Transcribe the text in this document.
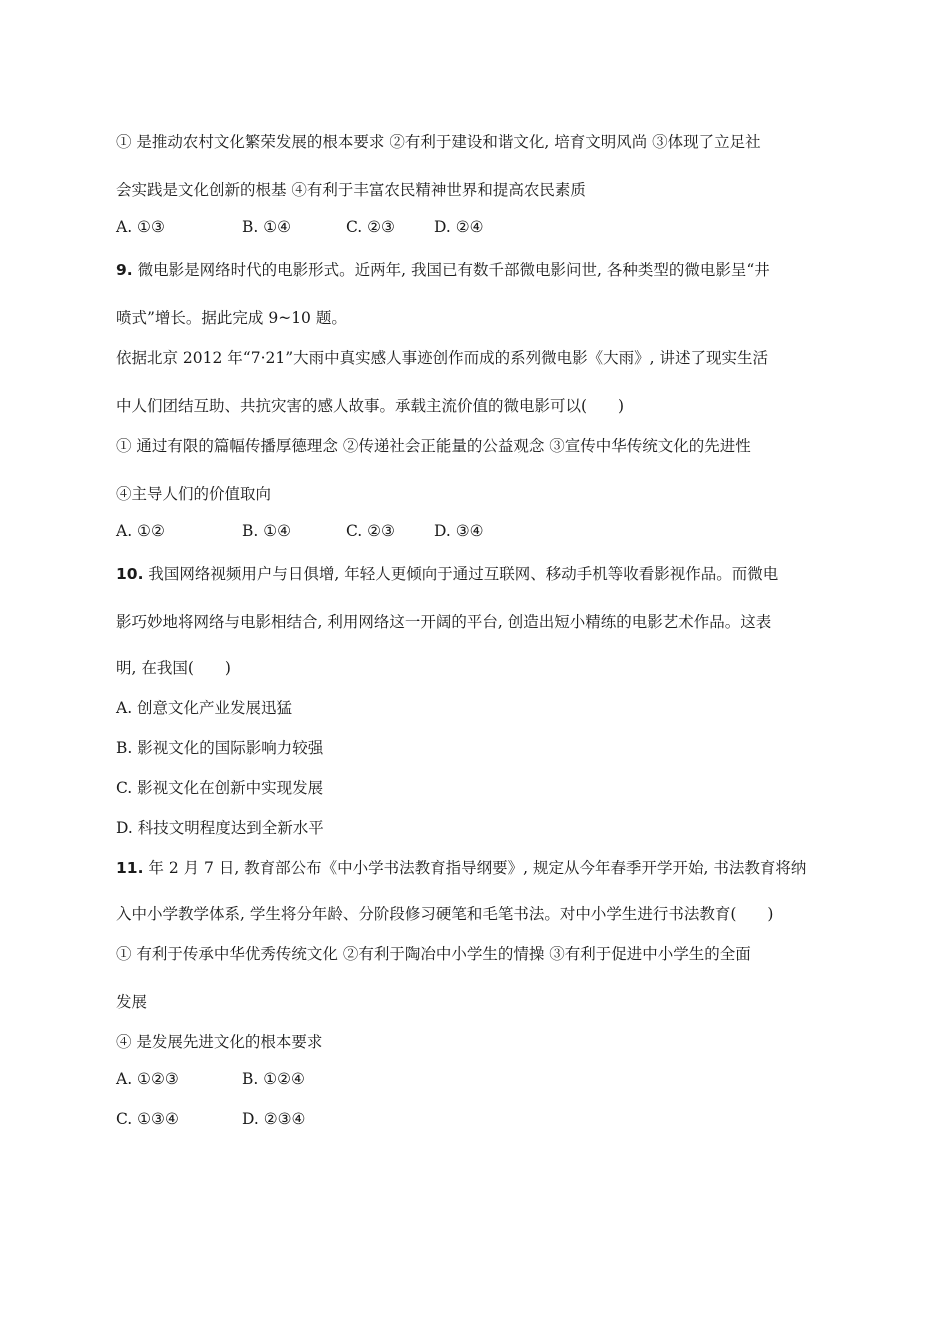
① 是推动农村文化繁荣发展的根本要求 ②有利于建设和谐文化, 培育文明风尚 ③体现了立足社
会实践是文化创新的根基 ④有利于丰富农民精神世界和提高农民素质
A. ①③	B. ①④	C. ②③	D. ②④
9. 微电影是网络时代的电影形式。近两年, 我国已有数千部微电影问世, 各种类型的微电影呈“井
喷式”增长。据此完成 9~10 题。
依据北京 2012 年“7·21”大雨中真实感人事迹创作而成的系列微电影《大雨》, 讲述了现实生活
中人们团结互助、共抗灾害的感人故事。承载主流价值的微电影可以(　　)
① 通过有限的篇幅传播厚德理念 ②传递社会正能量的公益观念 ③宣传中华传统文化的先进性
④主导人们的价值取向
A. ①②	B. ①④	C. ②③	D. ③④
10. 我国网络视频用户与日俱增, 年轻人更倾向于通过互联网、移动手机等收看影视作品。而微电
影巧妙地将网络与电影相结合, 利用网络这一开阔的平台, 创造出短小精练的电影艺术作品。这表
明, 在我国(　　)
A. 创意文化产业发展迅猛
B. 影视文化的国际影响力较强
C. 影视文化在创新中实现发展
D. 科技文明程度达到全新水平
11. 年 2 月 7 日, 教育部公布《中小学书法教育指导纲要》, 规定从今年春季开学开始, 书法教育将纳
入中小学教学体系, 学生将分年龄、分阶段修习硬笔和毛笔书法。对中小学生进行书法教育(　　)
① 有利于传承中华优秀传统文化 ②有利于陶冶中小学生的情操 ③有利于促进中小学生的全面
发展
④ 是发展先进文化的根本要求
A. ①②③	B. ①②④
C. ①③④	D. ②③④
